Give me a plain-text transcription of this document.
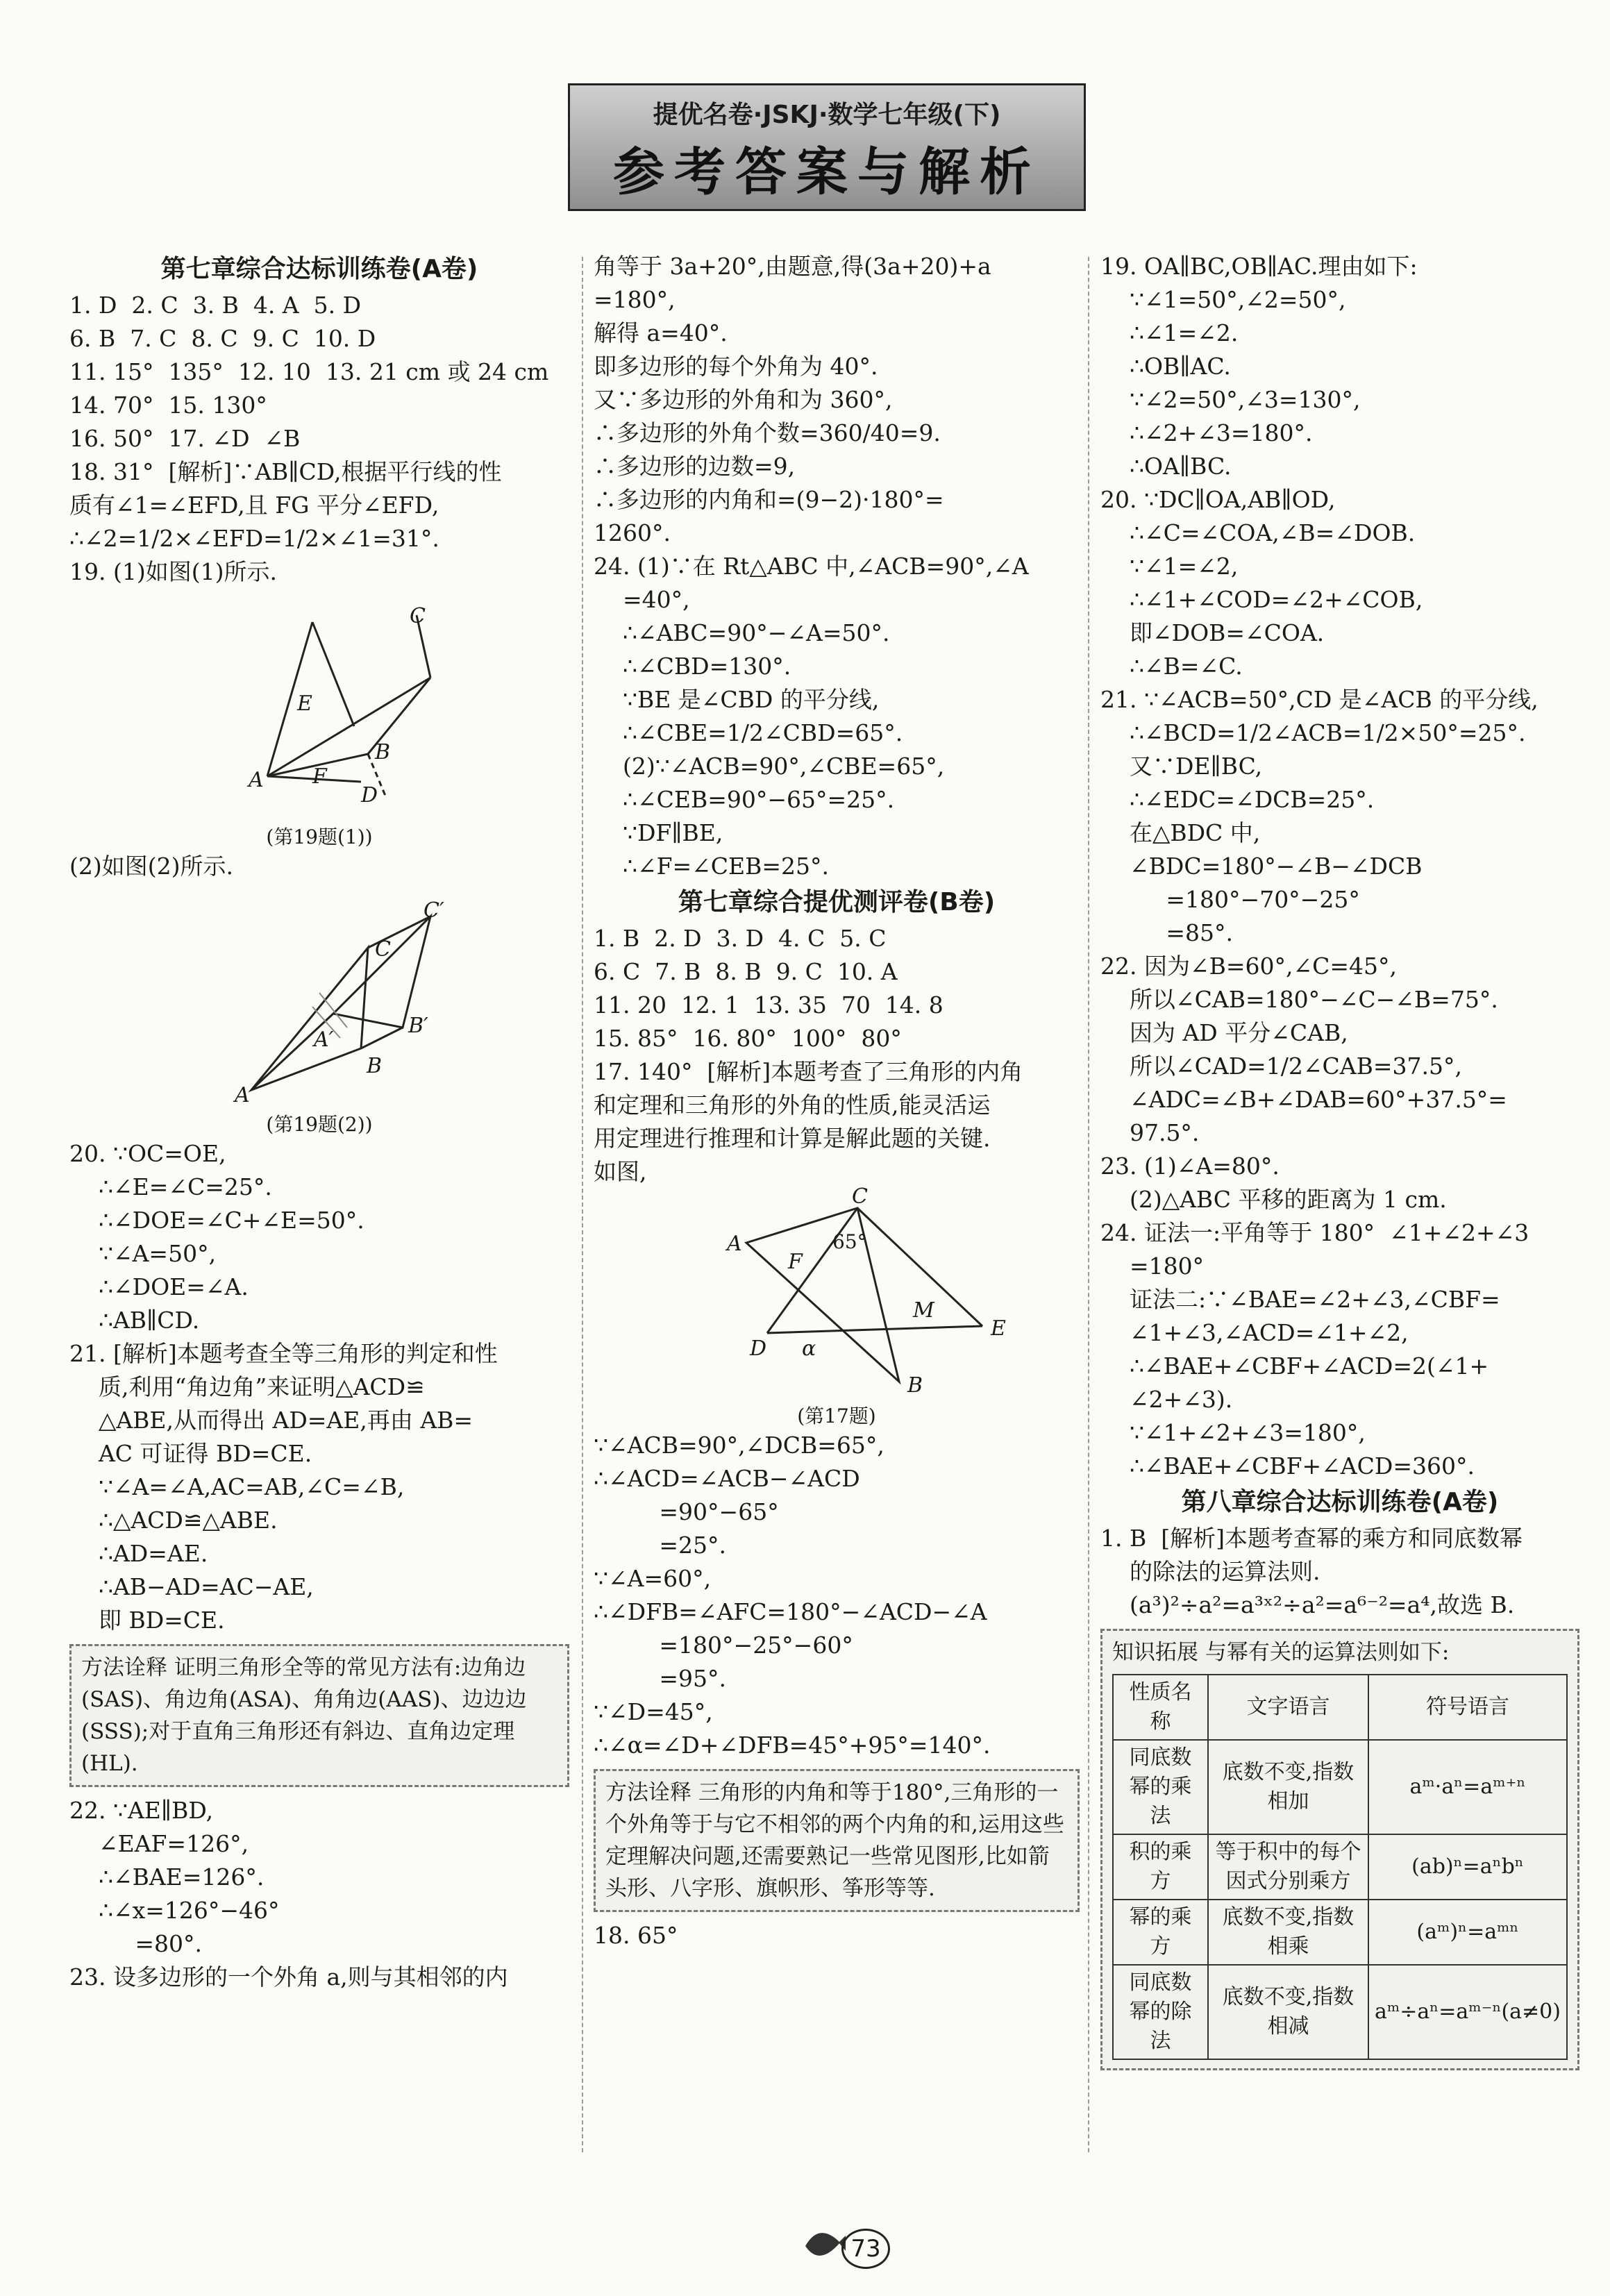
提优名卷·JSKJ·数学七年级(下)
参考答案与解析
第七章综合达标训练卷(A卷)
1. D  2. C  3. B  4. A  5. D
6. B  7. C  8. C  9. C  10. D
11. 15°  135°  12. 10  13. 21 cm 或 24 cm
14. 70°  15. 130°
16. 50°  17. ∠D  ∠B
18. 31°  [解析]∵AB∥CD,根据平行线的性
质有∠1=∠EFD,且 FG 平分∠EFD,
∴∠2=1/2×∠EFD=1/2×∠1=31°.
19. (1)如图(1)所示.
C
E
B
A F
D
(第19题(1))
(2)如图(2)所示.
C′
C
B′
A′
B
A
(第19题(2))
20. ∵OC=OE,
∴∠E=∠C=25°.
∴∠DOE=∠C+∠E=50°.
∵∠A=50°,
∴∠DOE=∠A.
∴AB∥CD.
21. [解析]本题考查全等三角形的判定和性
质,利用“角边角”来证明△ACD≌
△ABE,从而得出 AD=AE,再由 AB=
AC 可证得 BD=CE.
∵∠A=∠A,AC=AB,∠C=∠B,
∴△ACD≌△ABE.
∴AD=AE.
∴AB−AD=AC−AE,
即 BD=CE.
方法诠释 证明三角形全等的常见方法有:边角边(SAS)、角边角(ASA)、角角边(AAS)、边边边(SSS);对于直角三角形还有斜边、直角边定理(HL).
22. ∵AE∥BD,
∠EAF=126°,
∴∠BAE=126°.
∴∠x=126°−46°
=80°.
23. 设多边形的一个外角 a,则与其相邻的内
角等于 3a+20°,由题意,得(3a+20)+a
=180°,
解得 a=40°.
即多边形的每个外角为 40°.
又∵多边形的外角和为 360°,
∴多边形的外角个数=360/40=9.
∴多边形的边数=9,
∴多边形的内角和=(9−2)·180°=
1260°.
24. (1)∵在 Rt△ABC 中,∠ACB=90°,∠A
=40°,
∴∠ABC=90°−∠A=50°.
∴∠CBD=130°.
∵BE 是∠CBD 的平分线,
∴∠CBE=1/2∠CBD=65°.
(2)∵∠ACB=90°,∠CBE=65°,
∴∠CEB=90°−65°=25°.
∵DF∥BE,
∴∠F=∠CEB=25°.
第七章综合提优测评卷(B卷)
1. B  2. D  3. D  4. C  5. C
6. C  7. B  8. B  9. C  10. A
11. 20  12. 1  13. 35  70  14. 8
15. 85°  16. 80°  100°  80°
17. 140°  [解析]本题考查了三角形的内角
和定理和三角形的外角的性质,能灵活运
用定理进行推理和计算是解此题的关键.
如图,
C
A
F
65°
M
E
D α
B
(第17题)
∵∠ACB=90°,∠DCB=65°,
∴∠ACD=∠ACB−∠ACD
=90°−65°
=25°.
∵∠A=60°,
∴∠DFB=∠AFC=180°−∠ACD−∠A
=180°−25°−60°
=95°.
∵∠D=45°,
∴∠α=∠D+∠DFB=45°+95°=140°.
方法诠释 三角形的内角和等于180°,三角形的一个外角等于与它不相邻的两个内角的和,运用这些定理解决问题,还需要熟记一些常见图形,比如箭头形、八字形、旗帜形、筝形等等.
18. 65°
19. OA∥BC,OB∥AC.理由如下:
∵∠1=50°,∠2=50°,
∴∠1=∠2.
∴OB∥AC.
∵∠2=50°,∠3=130°,
∴∠2+∠3=180°.
∴OA∥BC.
20. ∵DC∥OA,AB∥OD,
∴∠C=∠COA,∠B=∠DOB.
∵∠1=∠2,
∴∠1+∠COD=∠2+∠COB,
即∠DOB=∠COA.
∴∠B=∠C.
21. ∵∠ACB=50°,CD 是∠ACB 的平分线,
∴∠BCD=1/2∠ACB=1/2×50°=25°.
又∵DE∥BC,
∴∠EDC=∠DCB=25°.
在△BDC 中,
∠BDC=180°−∠B−∠DCB
=180°−70°−25°
=85°.
22. 因为∠B=60°,∠C=45°,
所以∠CAB=180°−∠C−∠B=75°.
因为 AD 平分∠CAB,
所以∠CAD=1/2∠CAB=37.5°,
∠ADC=∠B+∠DAB=60°+37.5°=
97.5°.
23. (1)∠A=80°.
(2)△ABC 平移的距离为 1 cm.
24. 证法一:平角等于 180°  ∠1+∠2+∠3
=180°
证法二:∵∠BAE=∠2+∠3,∠CBF=
∠1+∠3,∠ACD=∠1+∠2,
∴∠BAE+∠CBF+∠ACD=2(∠1+
∠2+∠3).
∵∠1+∠2+∠3=180°,
∴∠BAE+∠CBF+∠ACD=360°.
第八章综合达标训练卷(A卷)
1. B  [解析]本题考查幂的乘方和同底数幂
的除法的运算法则.
(a³)²÷a²=a³ˣ²÷a²=a⁶⁻²=a⁴,故选 B.
知识拓展 与幂有关的运算法则如下:
性质名称	文字语言	符号语言
同底数幂的乘法	底数不变,指数相加	aᵐ·aⁿ=aᵐ⁺ⁿ
积的乘方	等于积中的每个因式分别乘方	(ab)ⁿ=aⁿbⁿ
幂的乘方	底数不变,指数相乘	(aᵐ)ⁿ=aᵐⁿ
同底数幂的除法	底数不变,指数相减	aᵐ÷aⁿ=aᵐ⁻ⁿ(a≠0)
73
